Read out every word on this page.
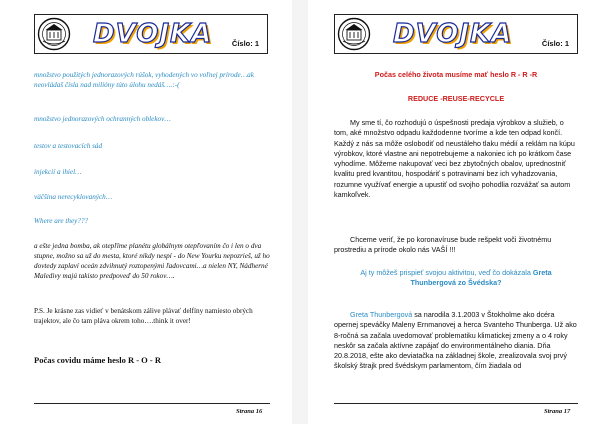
DVOJKA	Číslo: 1

množstvo použitých jednorazových rúšok, vyhodených vo voľnej prírode…ak neovládaš čísla nad milióny túto úlohu nedáš….:-(

množstvo jednorazových ochranných oblekov…

testov a testovacích sád

injekcií a ihiel…

väčšina nerecyklovaných…

Where are they???

a ešte jedna bomba, ak otepľíme planétu globálnym otepľovaním čo i len o dva stupne, možno sa už do mesta, ktoré nikdy nespí - do New Yourku nepozrieš, už ho dovtedy zaplaví oceán zdvihnutý roztopenými ľadovcami…a nielen NY, Nádherné Maledivy majú takisto predpoveď do 50 rokov….

P.S. Je krásne zas vidieť v benátskom zálive plávať delfíny namiesto obrých trajektov, ale čo tam pláva okrem toho….think it over!

Počas covidu máme heslo R - O - R

Strana 16
DVOJKA	Číslo: 1

Počas celého života musíme mať heslo R - R -R

REDUCE -REUSE-RECYCLE

My sme tí, čo rozhodujú o úspešnosti predaja výrobkov a služieb, o tom, aké množstvo odpadu každodenne tvoríme a kde ten odpad končí. Každý z nás sa môže oslobodiť od neustáleho tlaku médií a reklám na kúpu výrobkov, ktoré vlastne ani nepotrebujeme a nakoniec ich po krátkom čase vyhodíme. Môžeme nakupovať veci bez zbytočných obalov, uprednostniť kvalitu pred kvantitou, hospodáriť s potravinami bez ich vyhadzovania, rozumne využívať energie a upustiť od svojho pohodlia rozvážať sa autom kamkoľvek.

Chceme veriť, že po koronavíruse bude rešpekt voči životnému prostrediu a prírode okolo nás VAŠÍ !!!

Aj ty môžeš prispieť svojou aktivitou, veď čo dokázala Greta Thunbergová zo Švédska?

Greta Thunbergová sa narodila 3.1.2003 v Štokholme ako dcéra opernej speváčky Maleny Ernmanovej a herca Svanteho Thunberga. Už ako 8-ročná sa začala uvedomovať problematiku klimatickej zmeny a o 4 roky neskôr sa začala aktívne zapájať do environmentálneho diania. Dňa 20.8.2018, ešte ako deviatačka na základnej škole, zrealizovala svoj prvý školský štrajk pred švédskym parlamentom, čím žiadala od

Strana 17
